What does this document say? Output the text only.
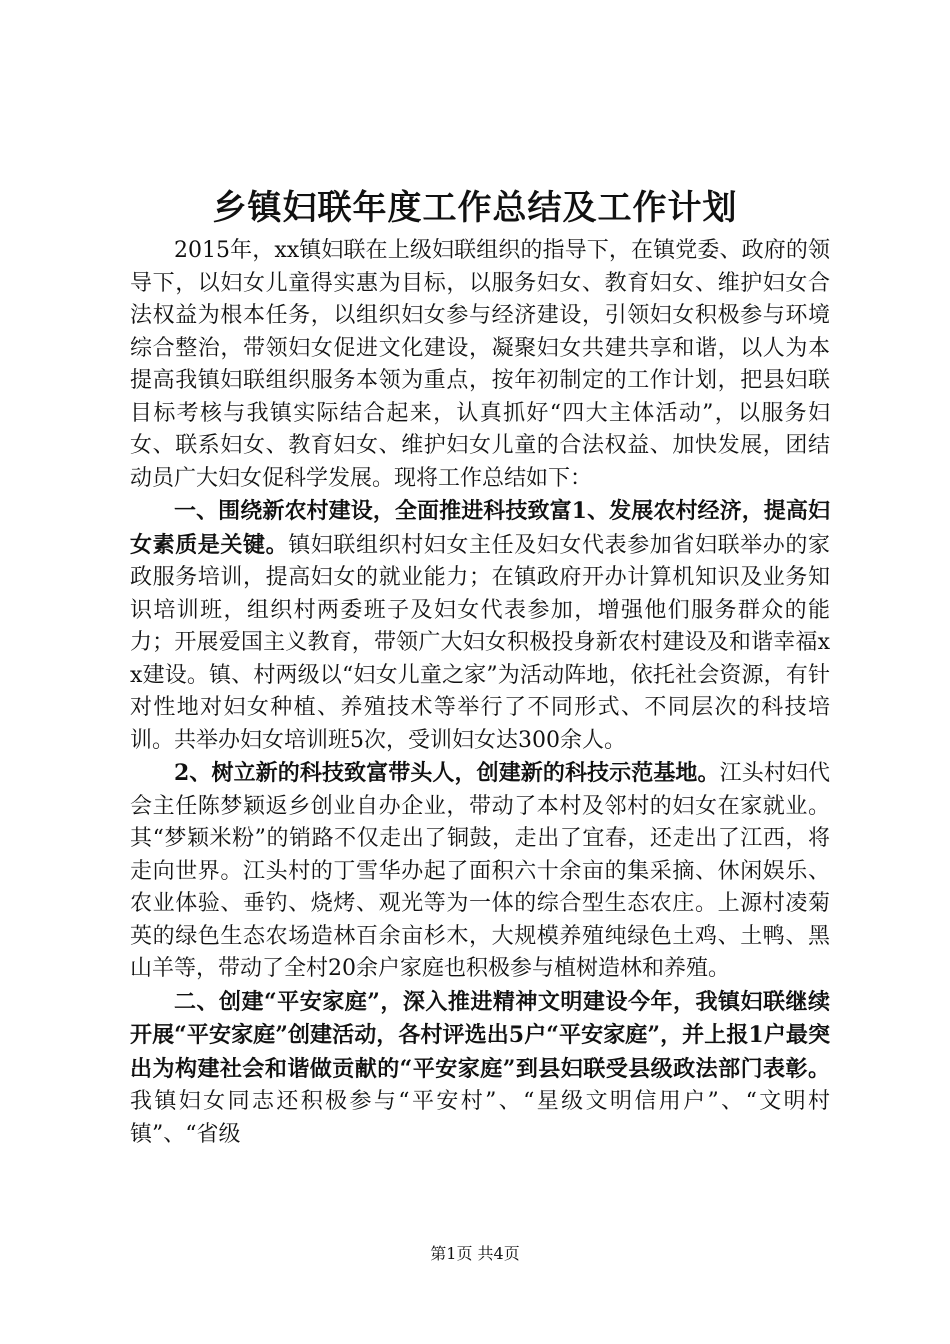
乡镇妇联年度工作总结及工作计划

2015年，xx镇妇联在上级妇联组织的指导下，在镇党委、政府的领导下，以妇女儿童得实惠为目标，以服务妇女、教育妇女、维护妇女合法权益为根本任务，以组织妇女参与经济建设，引领妇女积极参与环境综合整治，带领妇女促进文化建设，凝聚妇女共建共享和谐，以人为本提高我镇妇联组织服务本领为重点，按年初制定的工作计划，把县妇联目标考核与我镇实际结合起来，认真抓好“四大主体活动”，以服务妇女、联系妇女、教育妇女、维护妇女儿童的合法权益、加快发展，团结动员广大妇女促科学发展。现将工作总结如下：

一、围绕新农村建设，全面推进科技致富1、发展农村经济，提高妇女素质是关键。镇妇联组织村妇女主任及妇女代表参加省妇联举办的家政服务培训，提高妇女的就业能力；在镇政府开办计算机知识及业务知识培训班，组织村两委班子及妇女代表参加，增强他们服务群众的能力；开展爱国主义教育，带领广大妇女积极投身新农村建设及和谐幸福xx建设。镇、村两级以“妇女儿童之家”为活动阵地，依托社会资源，有针对性地对妇女种植、养殖技术等举行了不同形式、不同层次的科技培训。共举办妇女培训班5次，受训妇女达300余人。

2、树立新的科技致富带头人，创建新的科技示范基地。江头村妇代会主任陈梦颖返乡创业自办企业，带动了本村及邻村的妇女在家就业。其“梦颖米粉”的销路不仅走出了铜鼓，走出了宜春，还走出了江西，将走向世界。江头村的丁雪华办起了面积六十余亩的集采摘、休闲娱乐、农业体验、垂钓、烧烤、观光等为一体的综合型生态农庄。上源村凌菊英的绿色生态农场造林百余亩杉木，大规模养殖纯绿色土鸡、土鸭、黑山羊等，带动了全村20余户家庭也积极参与植树造林和养殖。

二、创建“平安家庭”，深入推进精神文明建设今年，我镇妇联继续开展“平安家庭”创建活动，各村评选出5户“平安家庭”，并上报1户最突出为构建社会和谐做贡献的“平安家庭”到县妇联受县级政法部门表彰。我镇妇女同志还积极参与“平安村”、“星级文明信用户”、“文明村镇”、“省级

第1页 共4页
